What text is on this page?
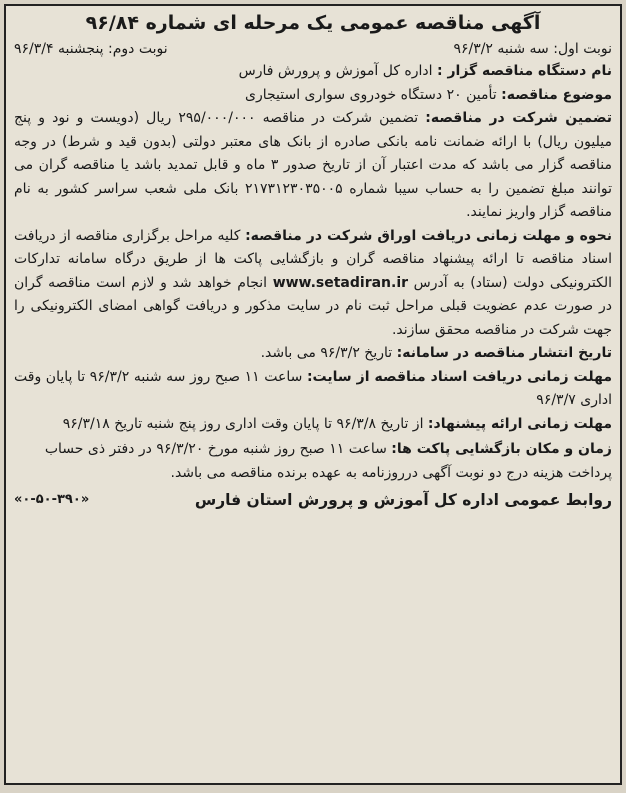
آگهی مناقصه عمومی یک مرحله ای شماره ۹۶/۸۴
نوبت اول: سه شنبه ۹۶/۳/۲
نوبت دوم: پنجشنبه ۹۶/۳/۴

نام دستگاه مناقصه گزار : اداره کل آموزش و پرورش فارس

موضوع مناقصه: تأمین ۲۰ دستگاه خودروی سواری استیجاری

تضمین شرکت در مناقصه: تضمین شرکت در مناقصه ۲۹۵/۰۰۰/۰۰۰ ریال (دویست و نود و پنج میلیون ریال) با ارائه ضمانت نامه بانکی صادره از بانک های معتبر دولتی (بدون قید و شرط) در وجه مناقصه گزار می باشد که مدت اعتبار آن از تاریخ صدور ۳ ماه و قابل تمدید باشد یا مناقصه گران می توانند مبلغ تضمین را به حساب سیبا شماره ۲۱۷۳۱۲۳۰۳۵۰۰۵ بانک ملی شعب سراسر کشور به نام مناقصه گزار واریز نمایند.

نحوه و مهلت زمانی دریافت اوراق شرکت در مناقصه: کلیه مراحل برگزاری مناقصه از دریافت اسناد مناقصه تا ارائه پیشنهاد مناقصه گران و بازگشایی پاکت ها از طریق درگاه سامانه تدارکات الکترونیکی دولت (ستاد) به آدرس www.setadiran.ir انجام خواهد شد و لازم است مناقصه گران در صورت عدم عضویت قبلی مراحل ثبت نام در سایت مذکور و دریافت گواهی امضای الکترونیکی را جهت شرکت در مناقصه محقق سازند.

تاریخ انتشار مناقصه در سامانه: تاریخ ۹۶/۳/۲ می باشد.

مهلت زمانی دریافت اسناد مناقصه از سایت: ساعت ۱۱ صبح روز سه شنبه ۹۶/۳/۲ تا پایان وقت اداری ۹۶/۳/۷

مهلت زمانی ارائه پیشنهاد: از تاریخ ۹۶/۳/۸ تا پایان وقت اداری روز پنج شنبه تاریخ ۹۶/۳/۱۸

زمان و مکان بازگشایی پاکت ها: ساعت ۱۱ صبح روز شنبه مورخ ۹۶/۳/۲۰ در دفتر ذی حساب

پرداخت هزینه درج دو نوبت آگهی درروزنامه به عهده برنده مناقصه می باشد.

روابط عمومی اداره کل آموزش و پرورش استان فارس
«۰-۵۰-۳۹۰»
